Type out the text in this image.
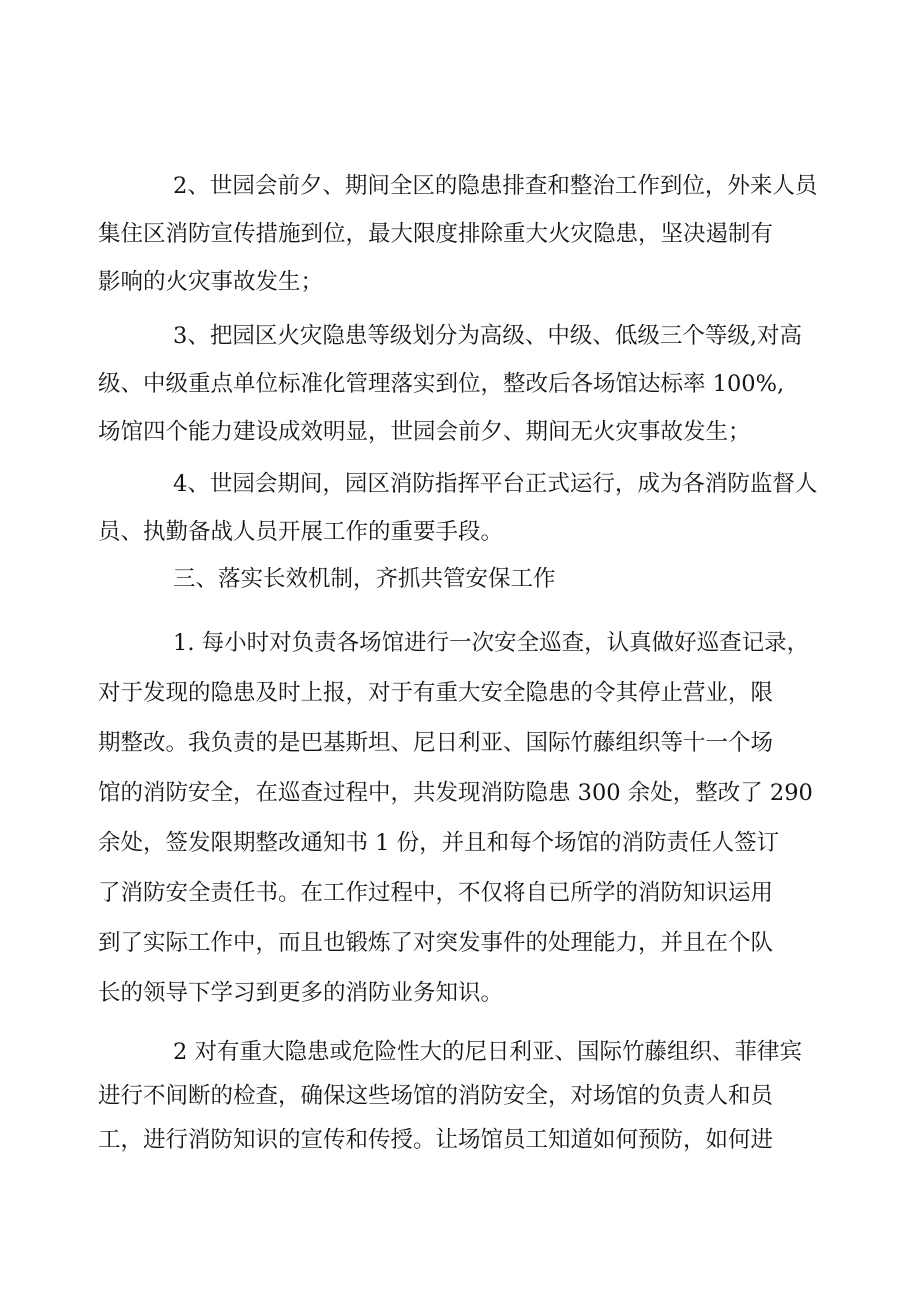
2、世园会前夕、期间全区的隐患排查和整治工作到位，外来人员
集住区消防宣传措施到位，最大限度排除重大火灾隐患，坚决遏制有
影响的火灾事故发生；
3、把园区火灾隐患等级划分为高级、中级、低级三个等级,对高
级、中级重点单位标准化管理落实到位，整改后各场馆达标率 100%,
场馆四个能力建设成效明显，世园会前夕、期间无火灾事故发生；
4、世园会期间，园区消防指挥平台正式运行，成为各消防监督人
员、执勤备战人员开展工作的重要手段。
三、落实长效机制，齐抓共管安保工作
1. 每小时对负责各场馆进行一次安全巡查，认真做好巡查记录，
对于发现的隐患及时上报，对于有重大安全隐患的令其停止营业，限
期整改。我负责的是巴基斯坦、尼日利亚、国际竹藤组织等十一个场
馆的消防安全，在巡查过程中，共发现消防隐患 300 余处，整改了 290
余处，签发限期整改通知书 1 份，并且和每个场馆的消防责任人签订
了消防安全责任书。在工作过程中，不仅将自已所学的消防知识运用
到了实际工作中，而且也锻炼了对突发事件的处理能力，并且在个队
长的领导下学习到更多的消防业务知识。
2 对有重大隐患或危险性大的尼日利亚、国际竹藤组织、菲律宾
进行不间断的检查，确保这些场馆的消防安全，对场馆的负责人和员
工，进行消防知识的宣传和传授。让场馆员工知道如何预防，如何进
